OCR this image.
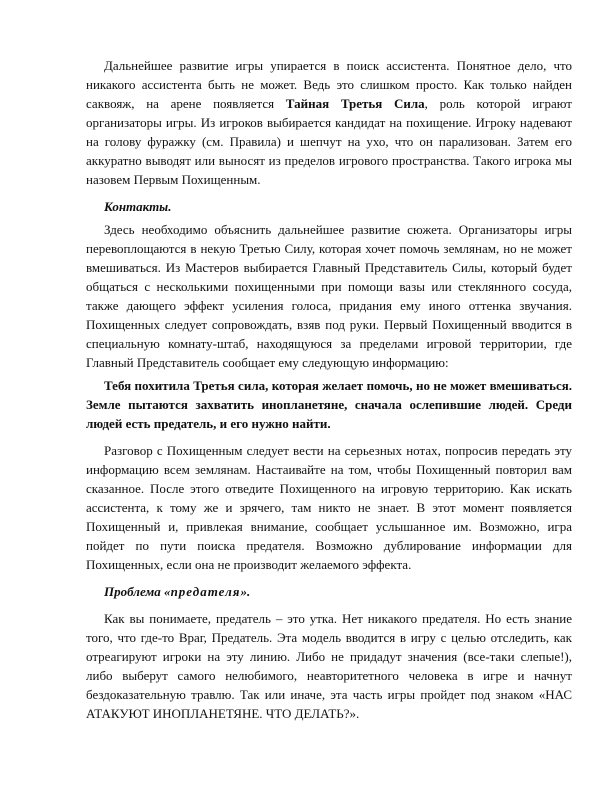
Дальнейшее развитие игры упирается в поиск ассистента. Понятное дело, что никакого ассистента быть не может. Ведь это слишком просто. Как только найден саквояж, на арене появляется Тайная Третья Сила, роль которой играют организаторы игры. Из игроков выбирается кандидат на похищение. Игроку надевают на голову фуражку (см. Правила) и шепчут на ухо, что он парализован. Затем его аккуратно выводят или выносят из пределов игрового пространства. Такого игрока мы назовем Первым Похищенным.

Контакты.

Здесь необходимо объяснить дальнейшее развитие сюжета. Организаторы игры перевоплощаются в некую Третью Силу, которая хочет помочь землянам, но не может вмешиваться. Из Мастеров выбирается Главный Представитель Силы, который будет общаться с несколькими похищенными при помощи вазы или стеклянного сосуда, также дающего эффект усиления голоса, придания ему иного оттенка звучания. Похищенных следует сопровождать, взяв под руки. Первый Похищенный вводится в специальную комнату-штаб, находящуюся за пределами игровой территории, где Главный Представитель сообщает ему следующую информацию:

Тебя похитила Третья сила, которая желает помочь, но не может вмешиваться. Земле пытаются захватить инопланетяне, сначала ослепившие людей. Среди людей есть предатель, и его нужно найти.

Разговор с Похищенным следует вести на серьезных нотах, попросив передать эту информацию всем землянам. Настаивайте на том, чтобы Похищенный повторил вам сказанное. После этого отведите Похищенного на игровую территорию. Как искать ассистента, к тому же и зрячего, там никто не знает. В этот момент появляется Похищенный и, привлекая внимание, сообщает услышанное им. Возможно, игра пойдет по пути поиска предателя. Возможно дублирование информации для Похищенных, если она не производит желаемого эффекта.

Проблема «предателя».

Как вы понимаете, предатель – это утка. Нет никакого предателя. Но есть знание того, что где-то Враг, Предатель. Эта модель вводится в игру с целью отследить, как отреагируют игроки на эту линию. Либо не придадут значения (все-таки слепые!), либо выберут самого нелюбимого, неавторитетного человека в игре и начнут бездоказательную травлю. Так или иначе, эта часть игры пройдет под знаком «НАС АТАКУЮТ ИНОПЛАНЕТЯНЕ. ЧТО ДЕЛАТЬ?».
